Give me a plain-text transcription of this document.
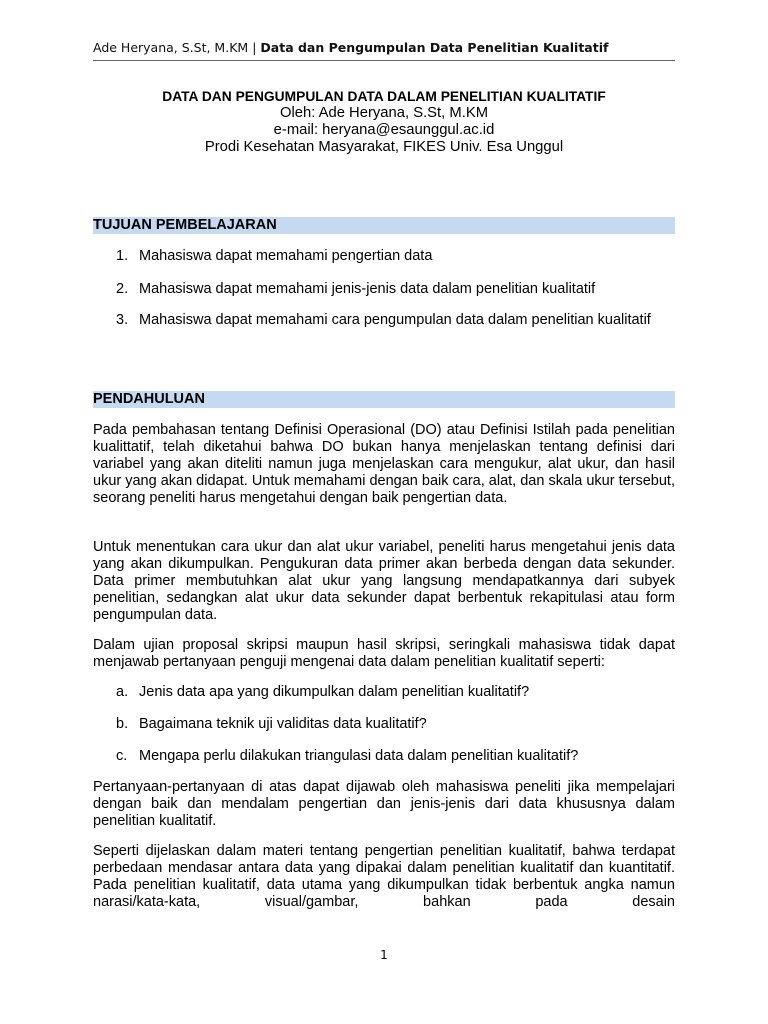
Ade Heryana, S.St, M.KM | Data dan Pengumpulan Data Penelitian Kualitatif
DATA DAN PENGUMPULAN DATA DALAM PENELITIAN KUALITATIF
Oleh: Ade Heryana, S.St, M.KM
e-mail: heryana@esaunggul.ac.id
Prodi Kesehatan Masyarakat, FIKES Univ. Esa Unggul
TUJUAN PEMBELAJARAN
1. Mahasiswa dapat memahami pengertian data
2. Mahasiswa dapat memahami jenis-jenis data dalam penelitian kualitatif
3. Mahasiswa dapat memahami cara pengumpulan data dalam penelitian kualitatif
PENDAHULUAN

Pada pembahasan tentang Definisi Operasional (DO) atau Definisi Istilah pada penelitian kualittatif, telah diketahui bahwa DO bukan hanya menjelaskan tentang definisi dari variabel yang akan diteliti namun juga menjelaskan cara mengukur, alat ukur, dan hasil ukur yang akan didapat. Untuk memahami dengan baik cara, alat, dan skala ukur tersebut, seorang peneliti harus mengetahui dengan baik pengertian data.

Untuk menentukan cara ukur dan alat ukur variabel, peneliti harus mengetahui jenis data yang akan dikumpulkan. Pengukuran data primer akan berbeda dengan data sekunder. Data primer membutuhkan alat ukur yang langsung mendapatkannya dari subyek penelitian, sedangkan alat ukur data sekunder dapat berbentuk rekapitulasi atau form pengumpulan data.

Dalam ujian proposal skripsi maupun hasil skripsi, seringkali mahasiswa tidak dapat menjawab pertanyaan penguji mengenai data dalam penelitian kualitatif seperti:

a. Jenis data apa yang dikumpulkan dalam penelitian kualitatif?
b. Bagaimana teknik uji validitas data kualitatif?
c. Mengapa perlu dilakukan triangulasi data dalam penelitian kualitatif?

Pertanyaan-pertanyaan di atas dapat dijawab oleh mahasiswa peneliti jika mempelajari dengan baik dan mendalam pengertian dan jenis-jenis dari data khususnya dalam penelitian kualitatif.

Seperti dijelaskan dalam materi tentang pengertian penelitian kualitatif, bahwa terdapat perbedaan mendasar antara data yang dipakai dalam penelitian kualitatif dan kuantitatif. Pada penelitian kualitatif, data utama yang dikumpulkan tidak berbentuk angka namun narasi/kata-kata, visual/gambar, bahkan pada desain

1
